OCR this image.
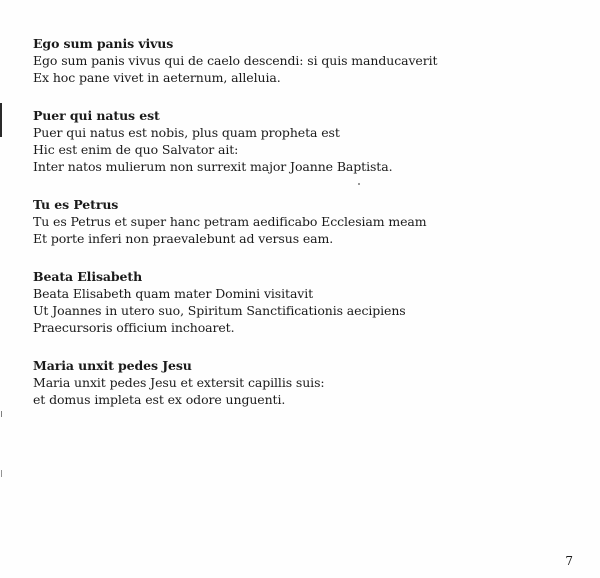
Ego sum panis vivus
Ego sum panis vivus qui de caelo descendi: si quis manducaverit
Ex hoc pane vivet in aeternum, alleluia.
Puer qui natus est
Puer qui natus est nobis, plus quam propheta est
Hic est enim de quo Salvator ait:
Inter natos mulierum non surrexit major Joanne Baptista.
Tu es Petrus
Tu es Petrus et super hanc petram aedificabo Ecclesiam meam
Et porte inferi non praevalebunt ad versus eam.
Beata Elisabeth
Beata Elisabeth quam mater Domini visitavit
Ut Joannes in utero suo, Spiritum Sanctificationis aecipiens
Praecursoris officium inchoaret.
Maria unxit pedes Jesu
Maria unxit pedes Jesu et extersit capillis suis:
et domus impleta est ex odore unguenti.
7
